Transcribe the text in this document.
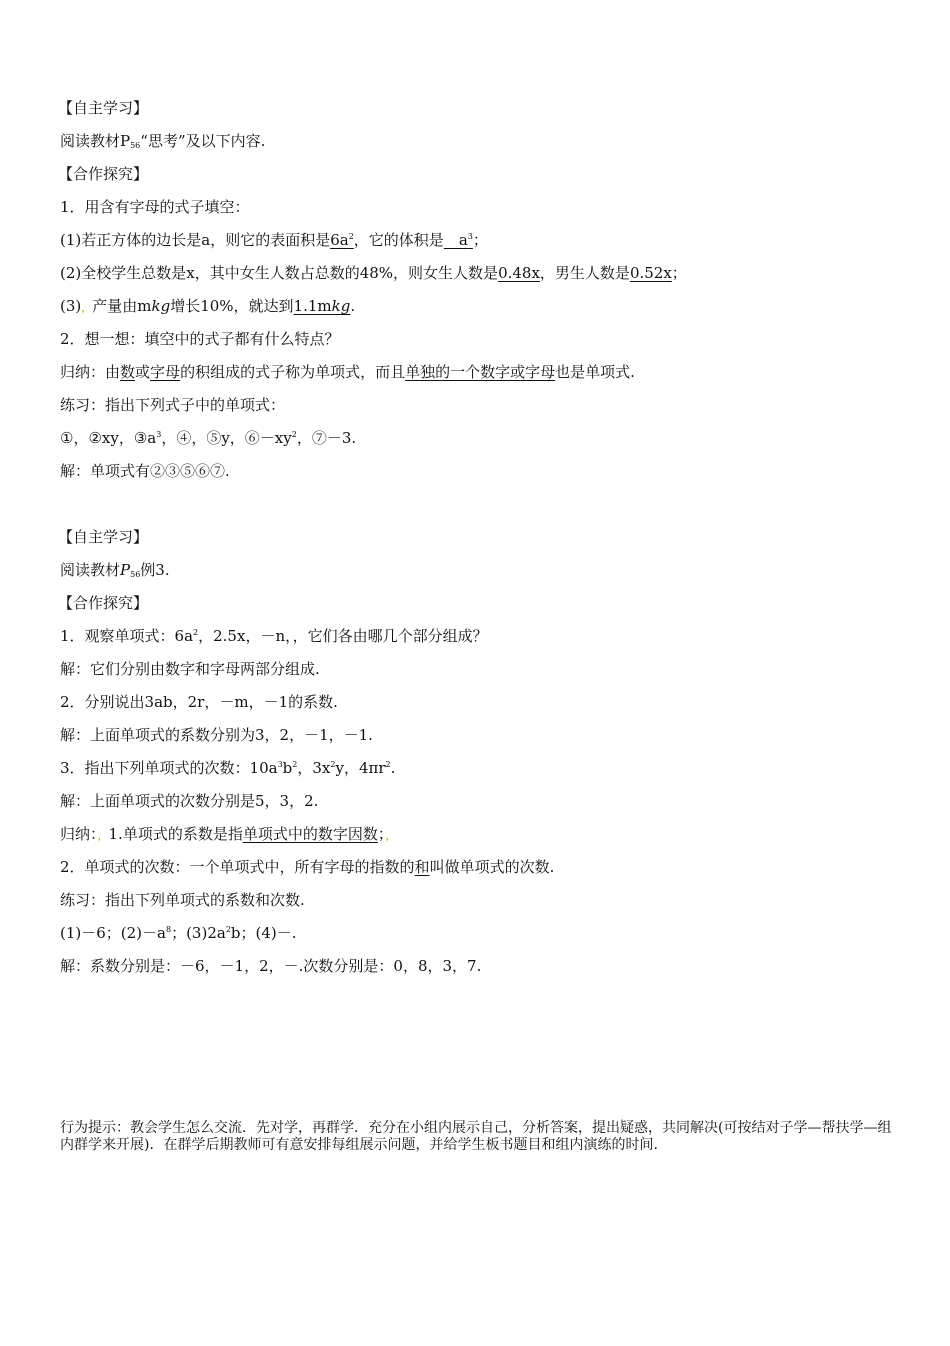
【自主学习】
阅读教材$P_{56}“$思考”及以下内容.
【合作探究】
1．用含有字母的式子填空：
(1)若正方体的边长是a，则它的表面积是$6a^2$，它的体积是　$a^3$；
(2)全校学生总数是x，其中女生人数占总数的48%，则女生人数是0.48x，男生人数是0.52x；
(3)，产量由mkg增长10%，就达到1.1mkg.
2．想一想：填空中的式子都有什么特点？
归纳：由数或字母的积组成的式子称为单项式，而且单独的一个数字或字母也是单项式.
练习：指出下列式子中的单项式：
①，②xy，$③a^3$，④，⑤y，$⑥-xy^2$，⑦－3.
解：单项式有②③⑤⑥⑦.
【自主学习】
阅读教材$P_{56}$例3.
【合作探究】
1．观察单项式：$6a^2$，2.5x，－n，，它们各由哪几个部分组成？
解：它们分别由数字和字母两部分组成.
2．分别说出3ab，2r，－m，－1的系数.
解：上面单项式的系数分别为3，2，－1，－1.
3．指出下列单项式的次数：$10a^3b^2$，$3x^2y$，$4\pi r^2$.
解：上面单项式的次数分别是5，3，2.
归纳：，1.单项式的系数是指单项式中的数字因数；，
2．单项式的次数：一个单项式中，所有字母的指数的和叫做单项式的次数.
练习：指出下列单项式的系数和次数.
(1)－6；$(2)-a^8$；$(3)2a^2b$；(4)－.
解：系数分别是：－6，－1，2，－.次数分别是：0，8，3，7.
行为提示：教会学生怎么交流．先对学，再群学．充分在小组内展示自己，分析答案，提出疑惑，共同解决(可按结对子学—帮扶学—组内群学来开展)．在群学后期教师可有意安排每组展示问题，并给学生板书题目和组内演练的时间.
